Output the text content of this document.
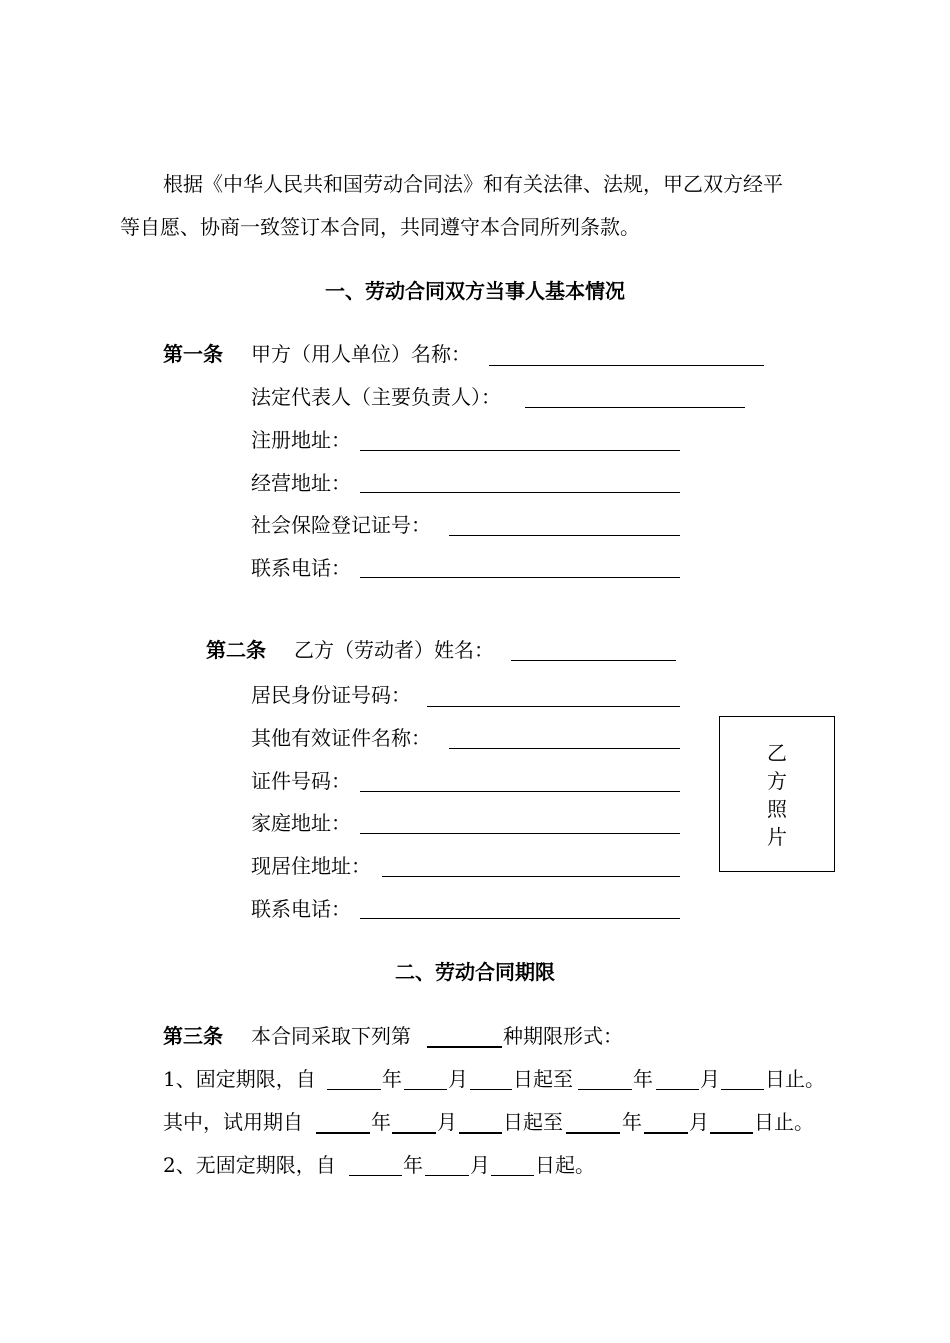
根据《中华人民共和国劳动合同法》和有关法律、法规，甲乙双方经平
等自愿、协商一致签订本合同，共同遵守本合同所列条款。
一、劳动合同双方当事人基本情况
第一条 甲方（用人单位）名称：
法定代表人（主要负责人）：
注册地址：
经营地址：
社会保险登记证号：
联系电话：
第二条 乙方（劳动者）姓名：
居民身份证号码：
其他有效证件名称：
证件号码：
家庭地址：
现居住地址：
联系电话：
乙
方
照
片
二、劳动合同期限
第三条 本合同采取下列第	种期限形式：
1、固定期限，自	年 月 日起至	年 月 日止。
其中，试用期自	年 月 日起至	年 月 日止。
2、无固定期限，自	年 月 日起。
